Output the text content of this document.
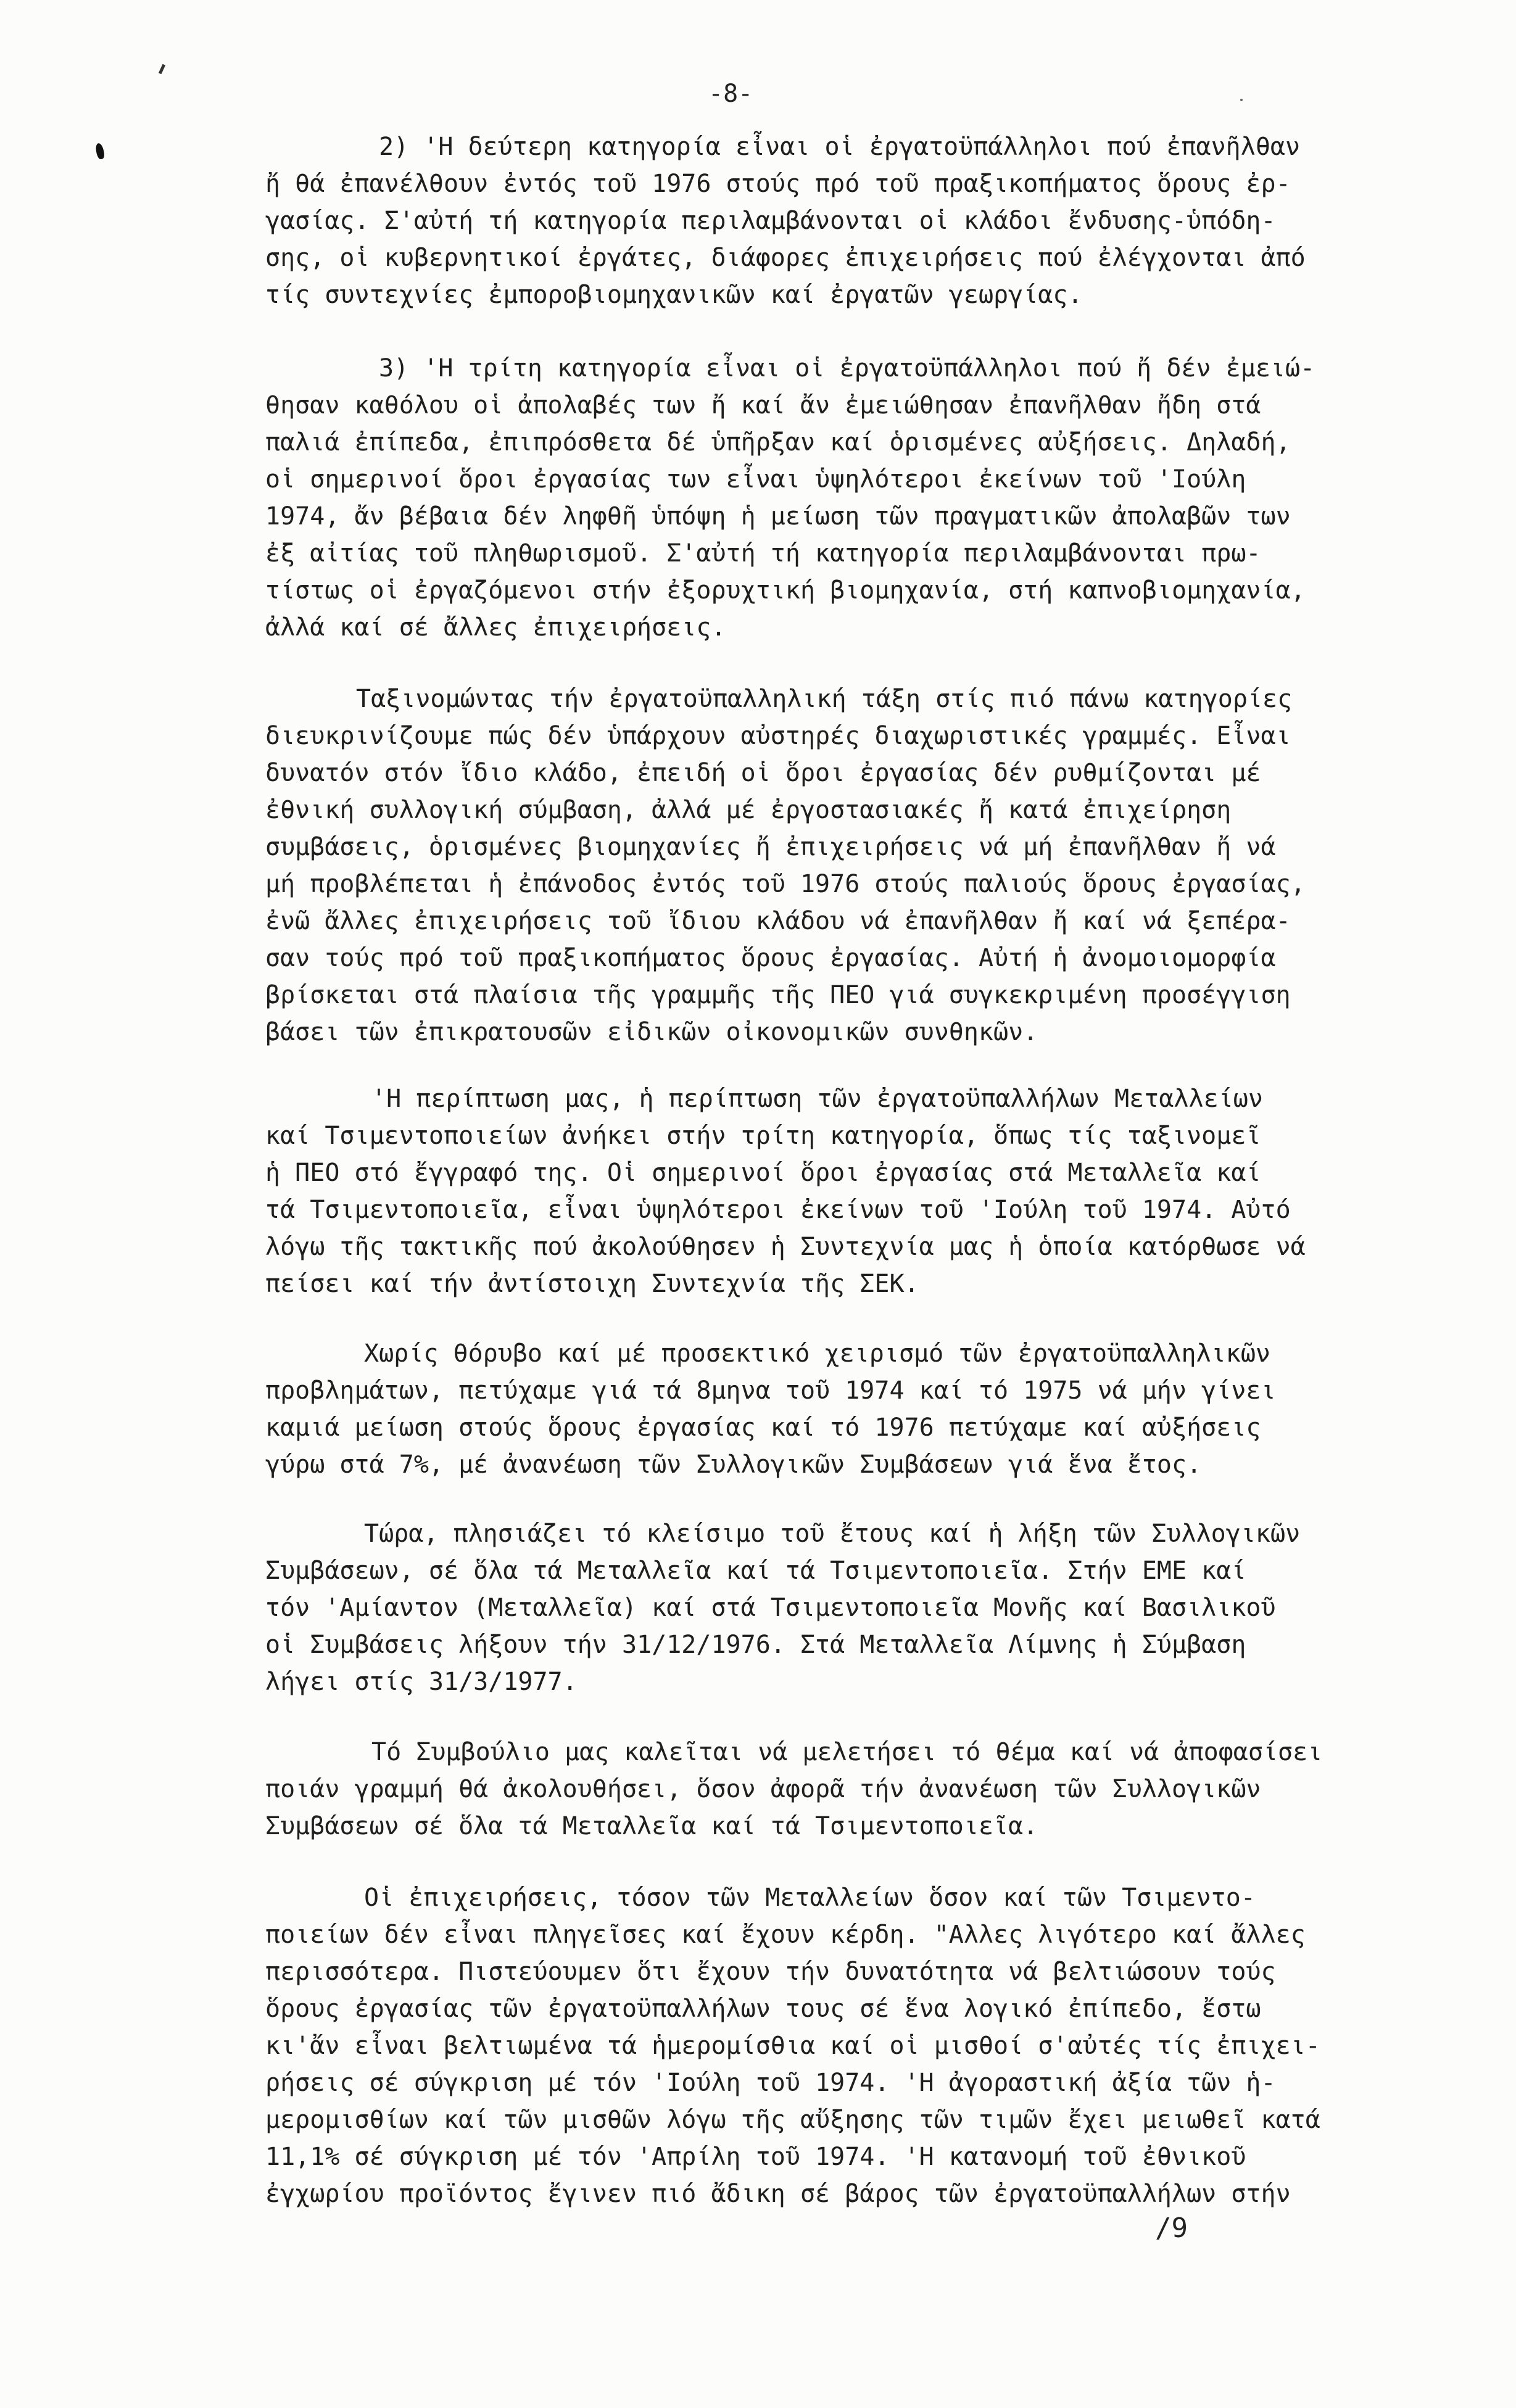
-8-
2) 'Η δεύτερη κατηγορία εἶναι οἱ ἐργατοϋπάλληλοι πού ἐπανῆλθαν
ἤ θά ἐπανέλθουν ἐντός τοῦ 1976 στούς πρό τοῦ πραξικοπήματος ὅρους ἐρ-
γασίας. Σ'αὐτή τή κατηγορία περιλαμβάνονται οἱ κλάδοι ἔνδυσης-ὑπόδη-
σης, οἱ κυβερνητικοί ἐργάτες, διάφορες ἐπιχειρήσεις πού ἐλέγχονται ἀπό
τίς συντεχνίες ἐμποροβιομηχανικῶν καί ἐργατῶν γεωργίας.
3) 'Η τρίτη κατηγορία εἶναι οἱ ἐργατοϋπάλληλοι πού ἤ δέν ἐμειώ-
θησαν καθόλου οἱ ἀπολαβές των ἤ καί ἄν ἐμειώθησαν ἐπανῆλθαν ἤδη στά
παλιά ἐπίπεδα, ἐπιπρόσθετα δέ ὑπῆρξαν καί ὁρισμένες αὐξήσεις. Δηλαδή,
οἱ σημερινοί ὅροι ἐργασίας των εἶναι ὑψηλότεροι ἐκείνων τοῦ 'Ιούλη
1974, ἄν βέβαια δέν ληφθῆ ὑπόψη ἡ μείωση τῶν πραγματικῶν ἀπολαβῶν των
ἐξ αἰτίας τοῦ πληθωρισμοῦ. Σ'αὐτή τή κατηγορία περιλαμβάνονται πρω-
τίστως οἱ ἐργαζόμενοι στήν ἐξορυχτική βιομηχανία, στή καπνοβιομηχανία,
ἀλλά καί σέ ἄλλες ἐπιχειρήσεις.
Ταξινομώντας τήν ἐργατοϋπαλληλική τάξη στίς πιό πάνω κατηγορίες
διευκρινίζουμε πώς δέν ὑπάρχουν αὐστηρές διαχωριστικές γραμμές. Εἶναι
δυνατόν στόν ἴδιο κλάδο, ἐπειδή οἱ ὅροι ἐργασίας δέν ρυθμίζονται μέ
ἐθνική συλλογική σύμβαση, ἀλλά μέ ἐργοστασιακές ἤ κατά ἐπιχείρηση
συμβάσεις, ὁρισμένες βιομηχανίες ἤ ἐπιχειρήσεις νά μή ἐπανῆλθαν ἤ νά
μή προβλέπεται ἡ ἐπάνοδος ἐντός τοῦ 1976 στούς παλιούς ὅρους ἐργασίας,
ἐνῶ ἄλλες ἐπιχειρήσεις τοῦ ἴδιου κλάδου νά ἐπανῆλθαν ἤ καί νά ξεπέρα-
σαν τούς πρό τοῦ πραξικοπήματος ὅρους ἐργασίας. Αὐτή ἡ ἀνομοιομορφία
βρίσκεται στά πλαίσια τῆς γραμμῆς τῆς ΠΕΟ γιά συγκεκριμένη προσέγγιση
βάσει τῶν ἐπικρατουσῶν εἰδικῶν οἰκονομικῶν συνθηκῶν.
'Η περίπτωση μας, ἡ περίπτωση τῶν ἐργατοϋπαλλήλων Μεταλλείων
καί Τσιμεντοποιείων ἀνήκει στήν τρίτη κατηγορία, ὅπως τίς ταξινομεῖ
ἡ ΠΕΟ στό ἔγγραφό της. Οἱ σημερινοί ὅροι ἐργασίας στά Μεταλλεῖα καί
τά Τσιμεντοποιεῖα, εἶναι ὑψηλότεροι ἐκείνων τοῦ 'Ιούλη τοῦ 1974. Αὐτό
λόγω τῆς τακτικῆς πού ἀκολούθησεν ἡ Συντεχνία μας ἡ ὁποία κατόρθωσε νά
πείσει καί τήν ἀντίστοιχη Συντεχνία τῆς ΣΕΚ.
Χωρίς θόρυβο καί μέ προσεκτικό χειρισμό τῶν ἐργατοϋπαλληλικῶν
προβλημάτων, πετύχαμε γιά τά 8μηνα τοῦ 1974 καί τό 1975 νά μήν γίνει
καμιά μείωση στούς ὅρους ἐργασίας καί τό 1976 πετύχαμε καί αὐξήσεις
γύρω στά 7%, μέ ἀνανέωση τῶν Συλλογικῶν Συμβάσεων γιά ἕνα ἔτος.
Τώρα, πλησιάζει τό κλείσιμο τοῦ ἔτους καί ἡ λήξη τῶν Συλλογικῶν
Συμβάσεων, σέ ὅλα τά Μεταλλεῖα καί τά Τσιμεντοποιεῖα. Στήν ΕΜΕ καί
τόν 'Αμίαντον (Μεταλλεῖα) καί στά Τσιμεντοποιεῖα Μονῆς καί Βασιλικοῦ
οἱ Συμβάσεις λήξουν τήν 31/12/1976. Στά Μεταλλεῖα Λίμνης ἡ Σύμβαση
λήγει στίς 31/3/1977.
Τό Συμβούλιο μας καλεῖται νά μελετήσει τό θέμα καί νά ἀποφασίσει
ποιάν γραμμή θά ἀκολουθήσει, ὅσον ἀφορᾶ τήν ἀνανέωση τῶν Συλλογικῶν
Συμβάσεων σέ ὅλα τά Μεταλλεῖα καί τά Τσιμεντοποιεῖα.
Οἱ ἐπιχειρήσεις, τόσον τῶν Μεταλλείων ὅσον καί τῶν Τσιμεντο-
ποιείων δέν εἶναι πληγεῖσες καί ἔχουν κέρδη. "Αλλες λιγότερο καί ἄλλες
περισσότερα. Πιστεύουμεν ὅτι ἔχουν τήν δυνατότητα νά βελτιώσουν τούς
ὅρους ἐργασίας τῶν ἐργατοϋπαλλήλων τους σέ ἕνα λογικό ἐπίπεδο, ἔστω
κι'ἄν εἶναι βελτιωμένα τά ἡμερομίσθια καί οἱ μισθοί σ'αὐτές τίς ἐπιχει-
ρήσεις σέ σύγκριση μέ τόν 'Ιούλη τοῦ 1974. 'Η ἀγοραστική ἀξία τῶν ἡ-
μερομισθίων καί τῶν μισθῶν λόγω τῆς αὔξησης τῶν τιμῶν ἔχει μειωθεῖ κατά
11,1% σέ σύγκριση μέ τόν 'Απρίλη τοῦ 1974. 'Η κατανομή τοῦ ἐθνικοῦ
ἐγχωρίου προϊόντος ἔγινεν πιό ἄδικη σέ βάρος τῶν ἐργατοϋπαλλήλων στήν
/9
